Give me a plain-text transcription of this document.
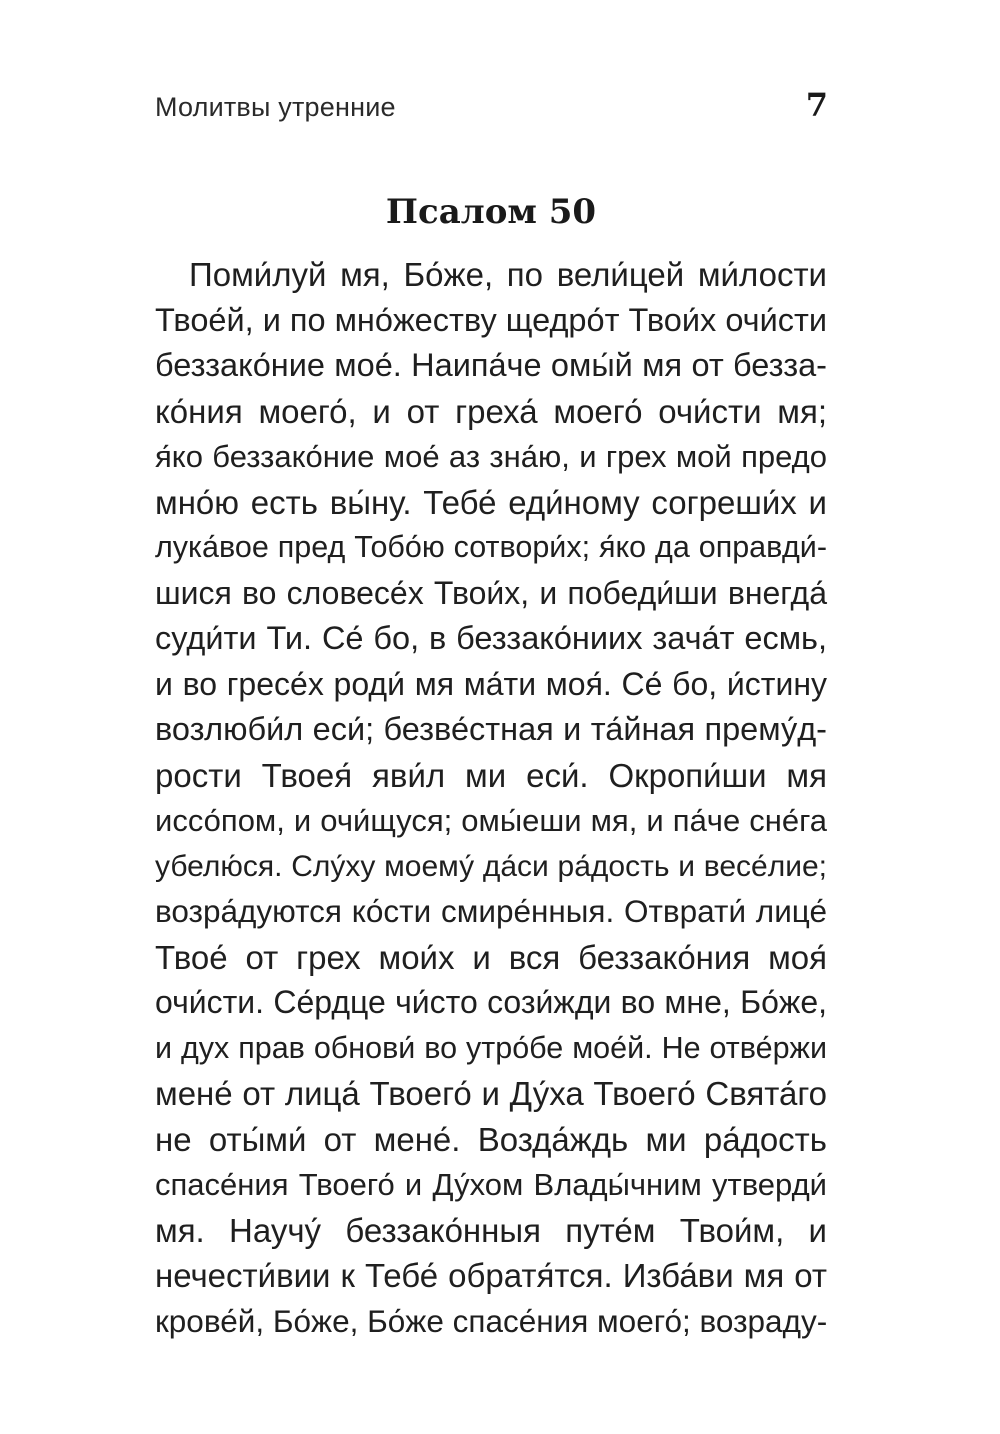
Молитвы утренние	7
Псалом 50
Поми́луй мя, Бо́же, по вели́цей ми́лости
Твое́й, и по мно́жеству щедро́т Твои́х очи́сти
беззако́ние мое́. Наипа́че омы́й мя от безза-
ко́ния моего́, и от греха́ моего́ очи́сти мя;
я́ко беззако́ние мое́ аз зна́ю, и грех мой предо
мно́ю есть вы́ну. Тебе́ еди́ному согреши́х и
лука́вое пред Тобо́ю сотвори́х; я́ко да оправди́-
шися во словесе́х Твои́х, и победи́ши внегда́
суди́ти Ти. Се́ бо, в беззако́ниих зача́т есмь,
и во гресе́х роди́ мя ма́ти моя́. Се́ бо, и́стину
возлюби́л еси́; безве́стная и та́йная прему́д-
рости Твоея́ яви́л ми еси́. Окропи́ши мя
иссо́пом, и очи́щуся; омы́еши мя, и па́че сне́га
убелю́ся. Слу́ху моему́ да́си ра́дость и весе́лие;
возра́дуются ко́сти смире́нныя. Отврати́ лице́
Твое́ от грех мои́х и вся беззако́ния моя́
очи́сти. Се́рдце чи́сто сози́жди во мне, Бо́же,
и дух прав обнови́ во утро́бе мое́й. Не отве́ржи
мене́ от лица́ Твоего́ и Ду́ха Твоего́ Свята́го
не оты́ми́ от мене́. Возда́ждь ми ра́дость
спасе́ния Твоего́ и Ду́хом Влады́чним утверди́
мя. Научу́ беззако́нныя путе́м Твои́м, и
нечести́вии к Тебе́ обратя́тся. Изба́ви мя от
крове́й, Бо́же, Бо́же спасе́ния моего́; возраду-
